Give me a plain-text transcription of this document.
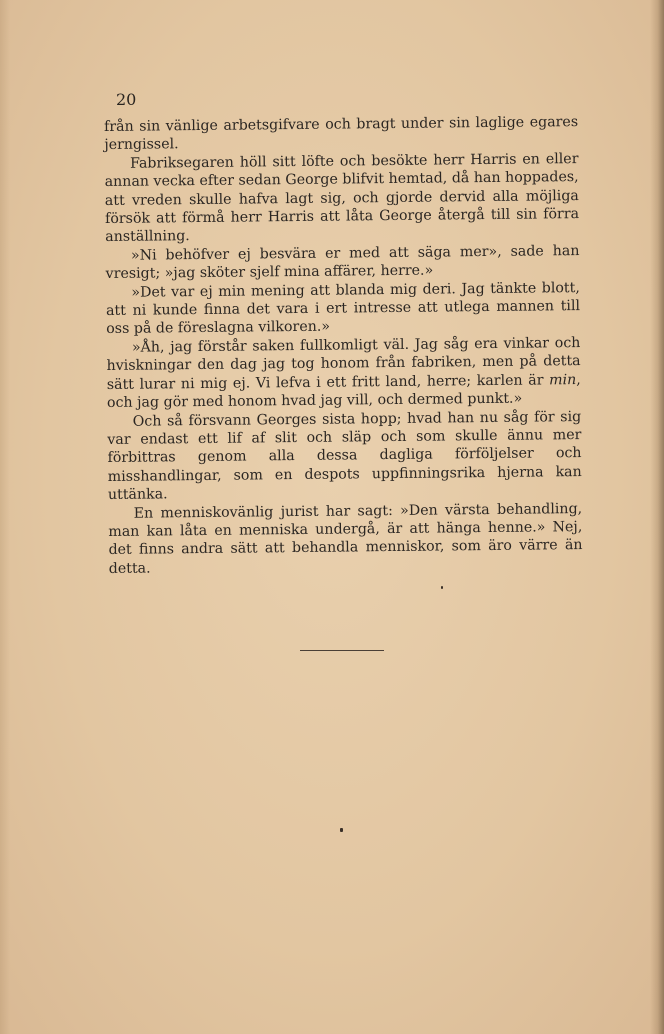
20

från sin vänlige arbetsgifvare och bragt under sin laglige egares jerngissel.

Fabriksegaren höll sitt löfte och besökte herr Harris en eller annan vecka efter sedan George blifvit hemtad, då han hoppades, att vreden skulle hafva lagt sig, och gjorde dervid alla möjliga försök att förmå herr Harris att låta George återgå till sin förra anställning.

»Ni behöfver ej besvära er med att säga mer», sade han vresigt; »jag sköter sjelf mina affärer, herre.»

»Det var ej min mening att blanda mig deri. Jag tänkte blott, att ni kunde finna det vara i ert intresse att utlega mannen till oss på de föreslagna vilkoren.»

»Åh, jag förstår saken fullkomligt väl. Jag såg era vinkar och hviskningar den dag jag tog honom från fabriken, men på detta sätt lurar ni mig ej. Vi lefva i ett fritt land, herre; karlen är min, och jag gör med honom hvad jag vill, och dermed punkt.»

Och så försvann Georges sista hopp; hvad han nu såg för sig var endast ett lif af slit och släp och som skulle ännu mer förbittras genom alla dessa dagliga förföljelser och misshandlingar, som en despots uppfinningsrika hjerna kan uttänka.

En menniskovänlig jurist har sagt: »Den värsta behandling, man kan låta en menniska undergå, är att hänga henne.» Nej, det finns andra sätt att behandla menniskor, som äro värre än detta.
